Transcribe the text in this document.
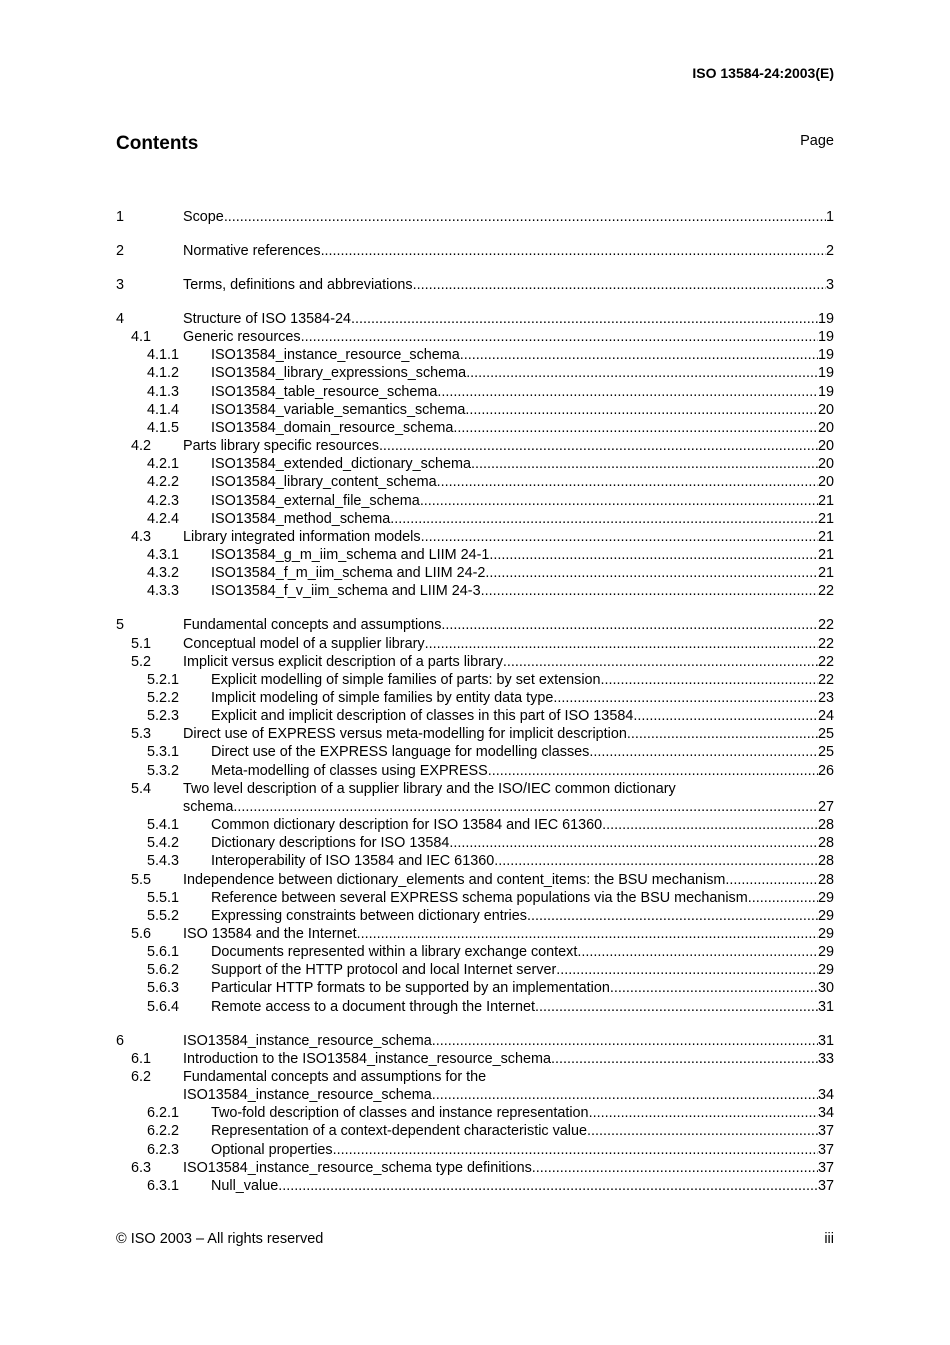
ISO 13584-24:2003(E)
Contents	Page
1	Scope .....	1
2	Normative references .....	2
3	Terms, definitions and abbreviations .....	3
4	Structure of ISO 13584-24 .....	19
4.1 Generic resources .....	19
4.1.1 ISO13584_instance_resource_schema .....	19
4.1.2 ISO13584_library_expressions_schema .....	19
4.1.3 ISO13584_table_resource_schema .....	19
4.1.4 ISO13584_variable_semantics_schema .....	20
4.1.5 ISO13584_domain_resource_schema .....	20
4.2 Parts library specific resources .....	20
4.2.1 ISO13584_extended_dictionary_schema .....	20
4.2.2 ISO13584_library_content_schema .....	20
4.2.3 ISO13584_external_file_schema .....	21
4.2.4 ISO13584_method_schema .....	21
4.3 Library integrated information models .....	21
4.3.1 ISO13584_g_m_iim_schema and LIIM 24-1 .....	21
4.3.2 ISO13584_f_m_iim_schema and LIIM 24-2 .....	21
4.3.3 ISO13584_f_v_iim_schema and LIIM 24-3 .....	22
5	Fundamental concepts and assumptions .....	22
5.1 Conceptual model of a supplier library .....	22
5.2 Implicit versus explicit description of a parts library .....	22
5.2.1 Explicit modelling of simple families of parts: by set extension .....	22
5.2.2 Implicit modeling of simple families by entity data type .....	23
5.2.3 Explicit and implicit description of classes in this part of ISO 13584 .....	24
5.3 Direct use of EXPRESS versus meta-modelling for implicit description .....	25
5.3.1 Direct use of the EXPRESS language for modelling classes .....	25
5.3.2 Meta-modelling of classes using EXPRESS .....	26
5.4 Two level description of a supplier library and the ISO/IEC common dictionary
schema .....	27
5.4.1 Common dictionary description for ISO 13584 and IEC 61360 .....	28
5.4.2 Dictionary descriptions for ISO 13584 .....	28
5.4.3 Interoperability of ISO 13584 and IEC 61360 .....	28
5.5 Independence between dictionary_elements and content_items: the BSU mechanism .....	28
5.5.1 Reference between several EXPRESS schema populations via the BSU mechanism .....	29
5.5.2 Expressing constraints between dictionary entries .....	29
5.6 ISO 13584 and the Internet .....	29
5.6.1 Documents represented within a library exchange context .....	29
5.6.2 Support of the HTTP protocol and local Internet server .....	29
5.6.3 Particular HTTP formats to be supported by an implementation .....	30
5.6.4 Remote access to a document through the Internet .....	31
6	ISO13584_instance_resource_schema .....	31
6.1 Introduction to the ISO13584_instance_resource_schema .....	33
6.2 Fundamental concepts and assumptions for the
ISO13584_instance_resource_schema .....	34
6.2.1 Two-fold description of classes and instance representation .....	34
6.2.2 Representation of a context-dependent characteristic value .....	37
6.2.3 Optional properties .....	37
6.3 ISO13584_instance_resource_schema type definitions .....	37
6.3.1 Null_value .....	37
© ISO 2003 – All rights reserved	iii
